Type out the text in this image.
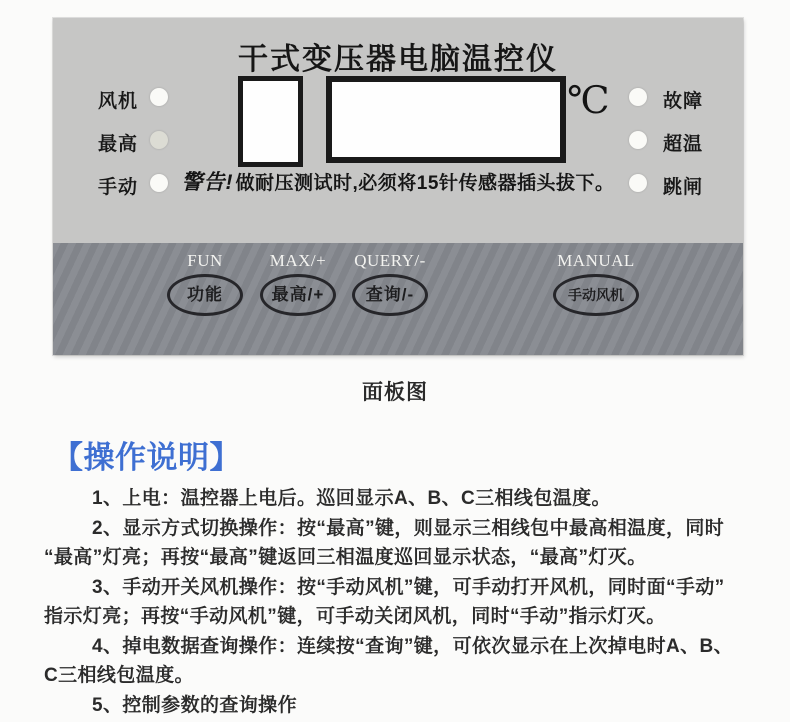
干式变压器电脑温控仪
风机
最高
手动
故障
超温
跳闸
℃
警告! 做耐压测试时,必须将15针传感器插头拔下。
FUN
功能
MAX/+
最高/+
QUERY/-
查询/-
MANUAL
手动风机
面板图
【操作说明】
1、上电：温控器上电后。巡回显示A、B、C三相线包温度。
2、显示方式切换操作：按“最高”键，则显示三相线包中最高相温度，同时
“最高”灯亮；再按“最高”键返回三相温度巡回显示状态，“最高”灯灭。
3、手动开关风机操作：按“手动风机”键，可手动打开风机，同时面“手动”
指示灯亮；再按“手动风机”键，可手动关闭风机，同时“手动”指示灯灭。
4、掉电数据查询操作：连续按“查询”键，可依次显示在上次掉电时A、B、
C三相线包温度。
5、控制参数的查询操作
